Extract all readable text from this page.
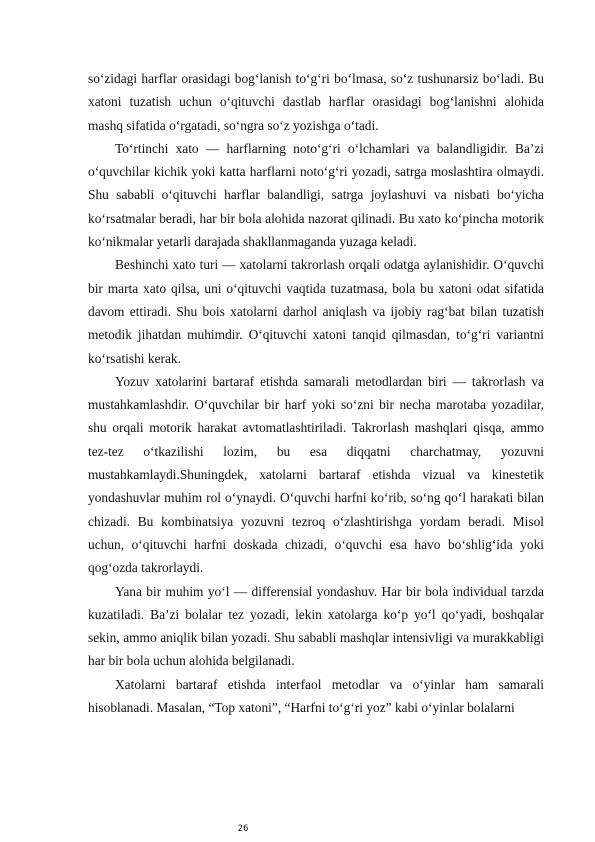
so‘zidagi harflar orasidagi bog‘lanish to‘g‘ri bo‘lmasa, so‘z tushunarsiz bo‘ladi. Bu xatoni tuzatish uchun o‘qituvchi dastlab harflar orasidagi bog‘lanishni alohida mashq sifatida o‘rgatadi, so‘ngra so‘z yozishga o‘tadi.

To‘rtinchi xato — harflarning noto‘g‘ri o‘lchamlari va balandligidir. Ba’zi o‘quvchilar kichik yoki katta harflarni noto‘g‘ri yozadi, satrga moslashtira olmaydi. Shu sababli o‘qituvchi harflar balandligi, satrga joylashuvi va nisbati bo‘yicha ko‘rsatmalar beradi, har bir bola alohida nazorat qilinadi. Bu xato ko‘pincha motorik ko‘nikmalar yetarli darajada shakllanmaganda yuzaga keladi.

Beshinchi xato turi — xatolarni takrorlash orqali odatga aylanishidir. O‘quvchi bir marta xato qilsa, uni o‘qituvchi vaqtida tuzatmasa, bola bu xatoni odat sifatida davom ettiradi. Shu bois xatolarni darhol aniqlash va ijobiy rag‘bat bilan tuzatish metodik jihatdan muhimdir. O‘qituvchi xatoni tanqid qilmasdan, to‘g‘ri variantni ko‘rsatishi kerak.

Yozuv xatolarini bartaraf etishda samarali metodlardan biri — takrorlash va mustahkamlashdir. O‘quvchilar bir harf yoki so‘zni bir necha marotaba yozadilar, shu orqali motorik harakat avtomatlashtiriladi. Takrorlash mashqlari qisqa, ammo tez-tez o‘tkazilishi lozim, bu esa diqqatni charchatmay, yozuvni mustahkamlaydi.Shuningdek, xatolarni bartaraf etishda vizual va kinestetik yondashuvlar muhim rol o‘ynaydi. O‘quvchi harfni ko‘rib, so‘ng qo‘l harakati bilan chizadi. Bu kombinatsiya yozuvni tezroq o‘zlashtirishga yordam beradi. Misol uchun, o‘qituvchi harfni doskada chizadi, o‘quvchi esa havo bo‘shlig‘ida yoki qog‘ozda takrorlaydi.

Yana bir muhim yo‘l — differensial yondashuv. Har bir bola individual tarzda kuzatiladi. Ba’zi bolalar tez yozadi, lekin xatolarga ko‘p yo‘l qo‘yadi, boshqalar sekin, ammo aniqlik bilan yozadi. Shu sababli mashqlar intensivligi va murakkabligi har bir bola uchun alohida belgilanadi.

Xatolarni bartaraf etishda interfaol metodlar va o‘yinlar ham samarali hisoblanadi. Masalan, “Top xatoni”, “Harfni to‘g‘ri yoz” kabi o‘yinlar bolalarni

26
